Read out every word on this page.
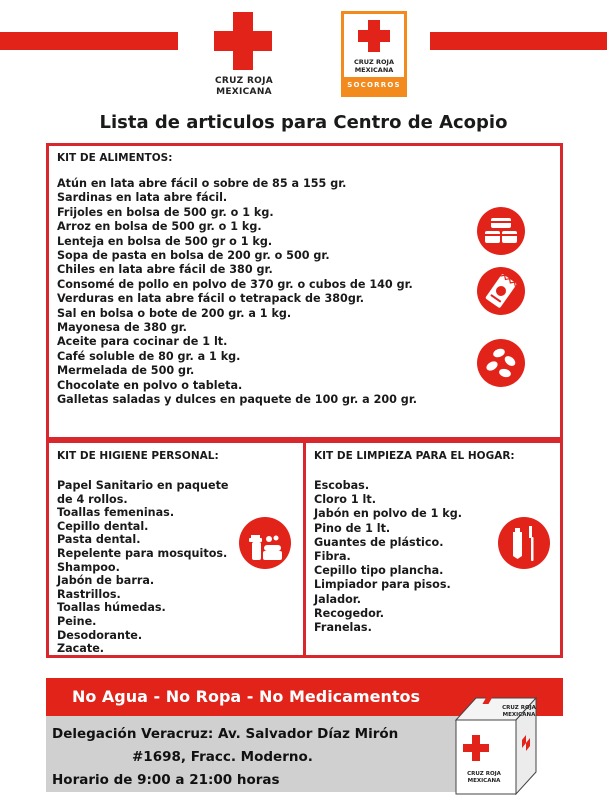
CRUZ ROJA
MEXICANA
CRUZ ROJA
MEXICANA
SOCORROS
Lista de articulos para Centro de Acopio
KIT DE ALIMENTOS:
Atún en lata abre fácil o sobre de 85 a 155 gr.
Sardinas en lata abre fácil.
Frijoles en bolsa de 500 gr. o 1 kg.
Arroz en bolsa de 500 gr. o 1 kg.
Lenteja en bolsa de 500 gr o 1 kg.
Sopa de pasta en bolsa de 200 gr. o 500 gr.
Chiles en lata abre fácil de 380 gr.
Consomé de pollo en polvo de 370 gr. o cubos de 140 gr.
Verduras en lata abre fácil o tetrapack de 380gr.
Sal en bolsa o bote de 200 gr. a 1 kg.
Mayonesa de 380 gr.
Aceite para cocinar de 1 lt.
Café soluble de 80 gr. a 1 kg.
Mermelada de 500 gr.
Chocolate en polvo o tableta.
Galletas saladas y dulces en paquete de 100 gr. a 200 gr.
KIT DE HIGIENE PERSONAL:
Papel Sanitario en paquete
de 4 rollos.
Toallas femeninas.
Cepillo dental.
Pasta dental.
Repelente para mosquitos.
Shampoo.
Jabón de barra.
Rastrillos.
Toallas húmedas.
Peine.
Desodorante.
Zacate.
KIT DE LIMPIEZA PARA EL HOGAR:
Escobas.
Cloro 1 lt.
Jabón en polvo de 1 kg.
Pino de 1 lt.
Guantes de plástico.
Fibra.
Cepillo tipo plancha.
Limpiador para pisos.
Jalador.
Recogedor.
Franelas.
No Agua - No Ropa - No Medicamentos
Delegación Veracruz: Av. Salvador Díaz Mirón
#1698, Fracc. Moderno.
Horario de 9:00 a 21:00 horas
CRUZ ROJA
MEXICANA
CRUZ ROJA
MEXICANA
